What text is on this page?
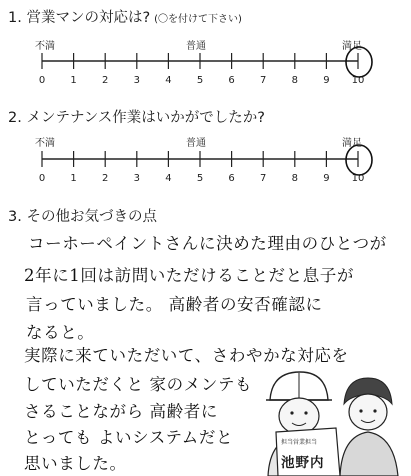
1. 営業マンの対応は? (〇を付けて下さい)
不満	普通	満足
0	1	2	3	4	5	6	7	8	9 10
2. メンテナンス作業はいかがでしたか?
不満	普通	満足
0	1	2	3	4	5	6	7	8	9 10
3. その他お気づきの点
コーホーペイントさんに決めた理由のひとつが
2年に1回は訪問いただけることだと息子が
言っていました。 高齢者の安否確認に
なると。
実際に来ていただいて、さわやかな対応を
していただくと 家のメンテも
さることながら 高齢者に
とっても よいシステムだと
思いました。
担当営業担当
池野内
